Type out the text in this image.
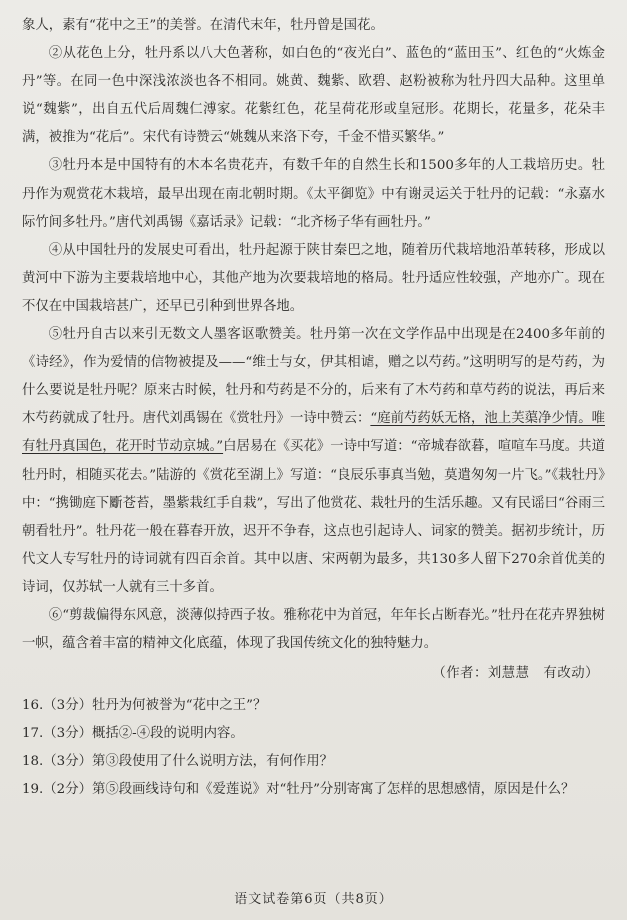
象人，素有“花中之王”的美誉。在清代末年，牡丹曾是国花。

②从花色上分，牡丹系以八大色著称，如白色的“夜光白”、蓝色的“蓝田玉”、红色的“火炼金丹”等。在同一色中深浅浓淡也各不相同。姚黄、魏紫、欧碧、赵粉被称为牡丹四大品种。这里单说“魏紫”，出自五代后周魏仁溥家。花紫红色，花呈荷花形或皇冠形。花期长，花量多，花朵丰满，被推为“花后”。宋代有诗赞云“姚魏从来洛下夸，千金不惜买繁华。”

③牡丹本是中国特有的木本名贵花卉，有数千年的自然生长和1500多年的人工栽培历史。牡丹作为观赏花木栽培，最早出现在南北朝时期。《太平御览》中有谢灵运关于牡丹的记载：“永嘉水际竹间多牡丹。”唐代刘禹锡《嘉话录》记载：“北齐杨子华有画牡丹。”

④从中国牡丹的发展史可看出，牡丹起源于陕甘秦巴之地，随着历代栽培地沿革转移，形成以黄河中下游为主要栽培地中心，其他产地为次要栽培地的格局。牡丹适应性较强，产地亦广。现在不仅在中国栽培甚广，还早已引种到世界各地。

⑤牡丹自古以来引无数文人墨客讴歌赞美。牡丹第一次在文学作品中出现是在2400多年前的《诗经》，作为爱情的信物被提及——“维士与女，伊其相谑，赠之以芍药。”这明明写的是芍药，为什么要说是牡丹呢？原来古时候，牡丹和芍药是不分的，后来有了木芍药和草芍药的说法，再后来木芍药就成了牡丹。唐代刘禹锡在《赏牡丹》一诗中赞云：“庭前芍药妖无格，池上芙蕖净少情。唯有牡丹真国色，花开时节动京城。”白居易在《买花》一诗中写道：“帝城春欲暮，喧喧车马度。共道牡丹时，相随买花去。”陆游的《赏花至湖上》写道：“良辰乐事真当勉，莫遣匆匆一片飞。”《栽牡丹》中：“携锄庭下斸苍苔，墨紫栽红手自栽”，写出了他赏花、栽牡丹的生活乐趣。又有民谣曰“谷雨三朝看牡丹”。牡丹花一般在暮春开放，迟开不争春，这点也引起诗人、词家的赞美。据初步统计，历代文人专写牡丹的诗词就有四百余首。其中以唐、宋两朝为最多，共130多人留下270余首优美的诗词，仅苏轼一人就有三十多首。

⑥“剪裁偏得东风意，淡薄似持西子妆。雅称花中为首冠，年年长占断春光。”牡丹在花卉界独树一帜，蕴含着丰富的精神文化底蕴，体现了我国传统文化的独特魅力。

（作者：刘慧慧　有改动）

16.（3分）牡丹为何被誉为“花中之王”？

17.（3分）概括②-④段的说明内容。

18.（3分）第③段使用了什么说明方法，有何作用？

19.（2分）第⑤段画线诗句和《爱莲说》对“牡丹”分别寄寓了怎样的思想感情，原因是什么？

语文试卷第6页（共8页）
